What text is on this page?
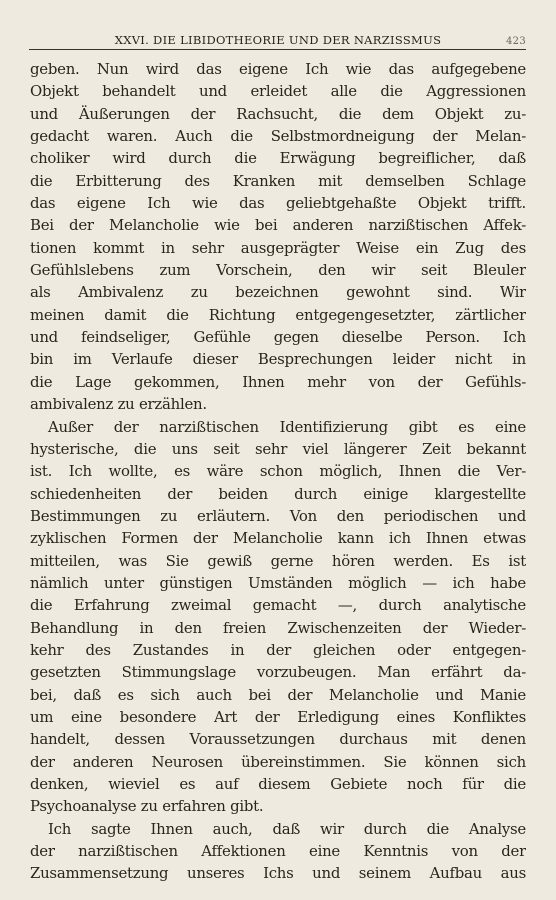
XXVI. DIE LIBIDOTHEORIE UND DER NARZISSMUS	423
geben. Nun wird das eigene Ich wie das aufgegebene
Objekt behandelt und erleidet alle die Aggressionen
und Äußerungen der Rachsucht, die dem Objekt zu-
gedacht waren. Auch die Selbstmordneigung der Melan-
choliker wird durch die Erwägung begreiflicher, daß
die Erbitterung des Kranken mit demselben Schlage
das eigene Ich wie das geliebtgehaßte Objekt trifft.
Bei der Melancholie wie bei anderen narzißtischen Affek-
tionen kommt in sehr ausgeprägter Weise ein Zug des
Gefühlslebens zum Vorschein, den wir seit Bleuler
als Ambivalenz zu bezeichnen gewohnt sind. Wir
meinen damit die Richtung entgegengesetzter, zärtlicher
und feindseliger, Gefühle gegen dieselbe Person. Ich
bin im Verlaufe dieser Besprechungen leider nicht in
die Lage gekommen, Ihnen mehr von der Gefühls-
ambivalenz zu erzählen.
Außer der narzißtischen Identifizierung gibt es eine
hysterische, die uns seit sehr viel längerer Zeit bekannt
ist. Ich wollte, es wäre schon möglich, Ihnen die Ver-
schiedenheiten der beiden durch einige klargestellte
Bestimmungen zu erläutern. Von den periodischen und
zyklischen Formen der Melancholie kann ich Ihnen etwas
mitteilen, was Sie gewiß gerne hören werden. Es ist
nämlich unter günstigen Umständen möglich — ich habe
die Erfahrung zweimal gemacht —, durch analytische
Behandlung in den freien Zwischenzeiten der Wieder-
kehr des Zustandes in der gleichen oder entgegen-
gesetzten Stimmungslage vorzubeugen. Man erfährt da-
bei, daß es sich auch bei der Melancholie und Manie
um eine besondere Art der Erledigung eines Konfliktes
handelt, dessen Voraussetzungen durchaus mit denen
der anderen Neurosen übereinstimmen. Sie können sich
denken, wieviel es auf diesem Gebiete noch für die
Psychoanalyse zu erfahren gibt.
Ich sagte Ihnen auch, daß wir durch die Analyse
der narzißtischen Affektionen eine Kenntnis von der
Zusammensetzung unseres Ichs und seinem Aufbau aus
